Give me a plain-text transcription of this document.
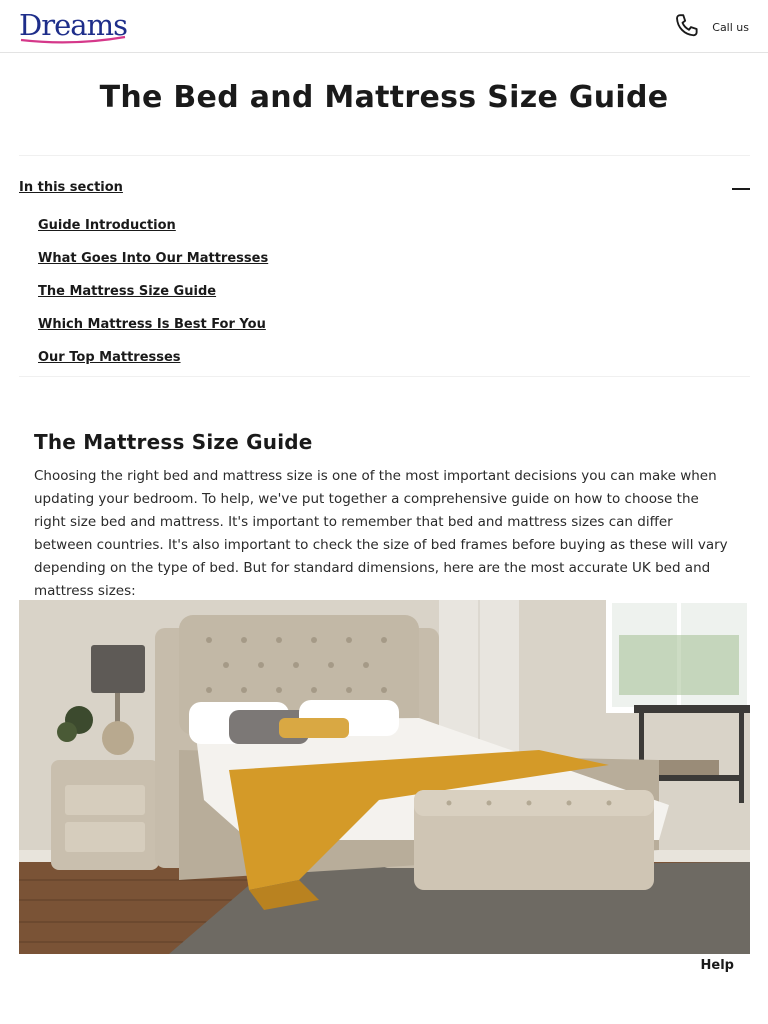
Dreams	Call us
The Bed and Mattress Size Guide
In this section
Guide Introduction
What Goes Into Our Mattresses
The Mattress Size Guide
Which Mattress Is Best For You
Our Top Mattresses
The Mattress Size Guide

Choosing the right bed and mattress size is one of the most important decisions you can make when updating your bedroom. To help, we've put together a comprehensive guide on how to choose the right size bed and mattress. It's important to remember that bed and mattress sizes can differ between countries. It's also important to check the size of bed frames before buying as these will vary depending on the type of bed. But for standard dimensions, here are the most accurate UK bed and mattress sizes:

Help
